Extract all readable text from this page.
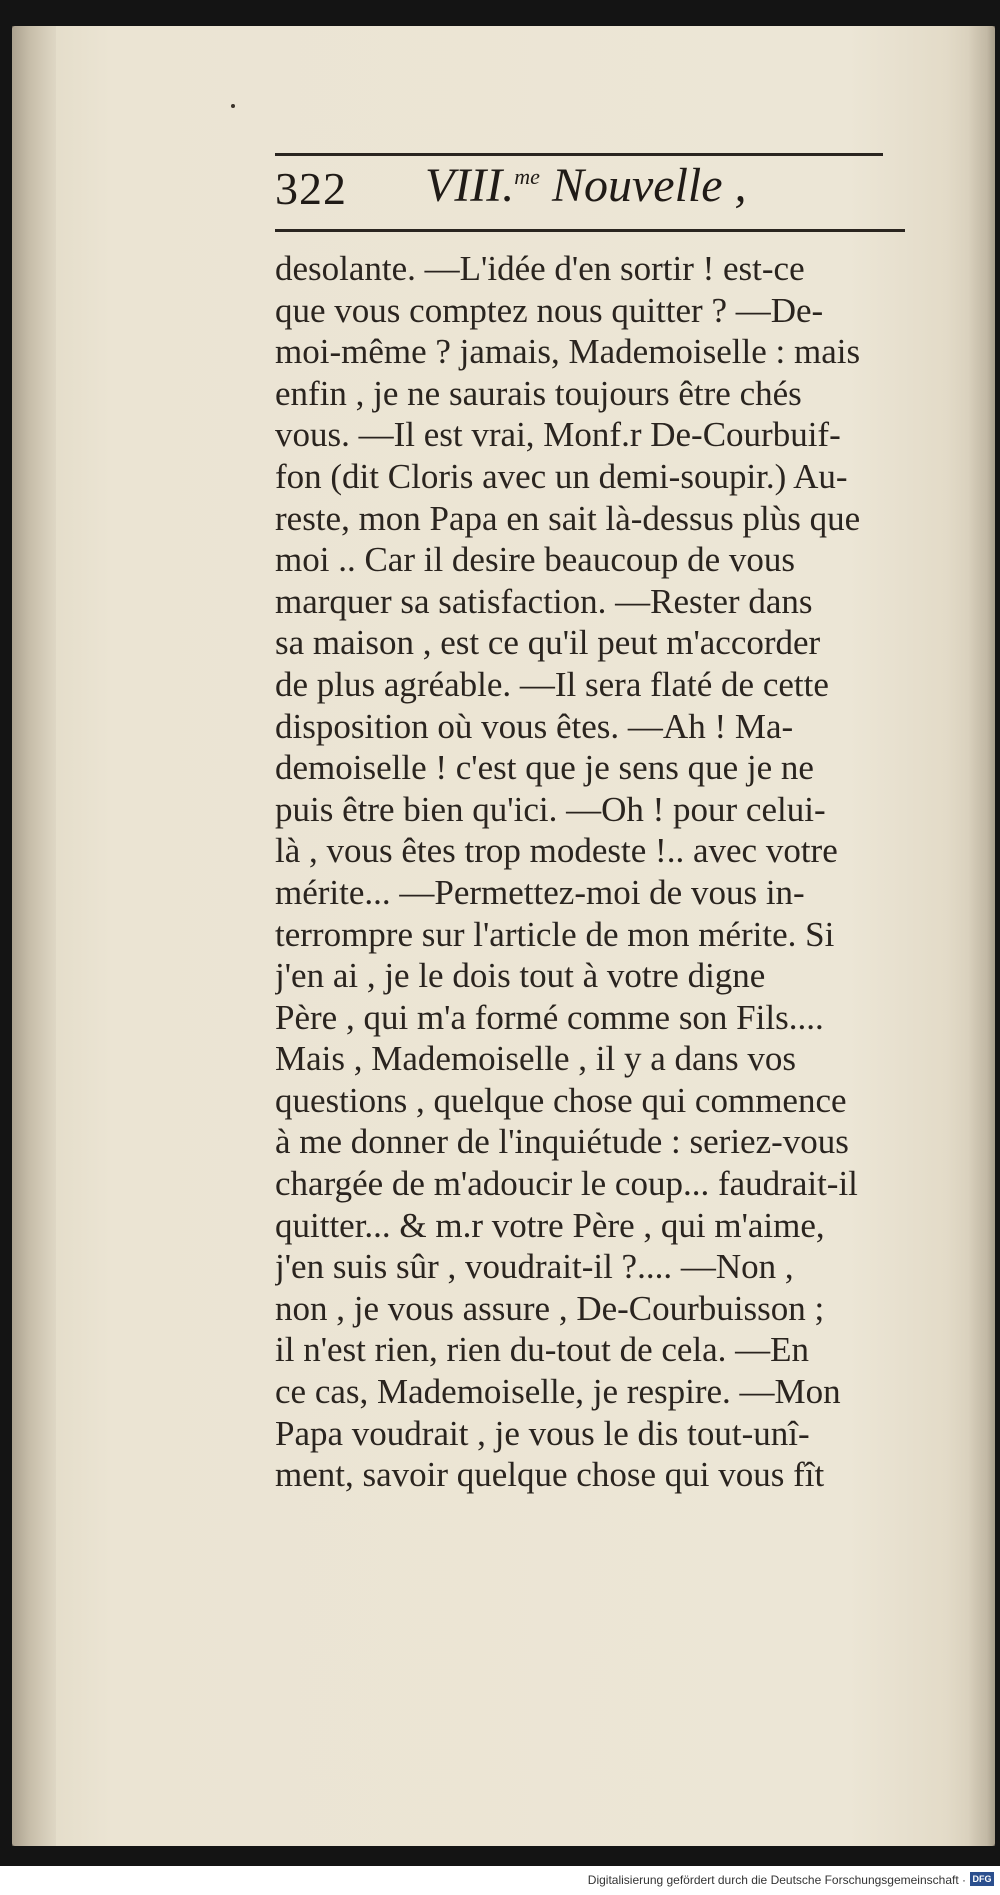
322 VIII.$^{me}$ Nouvelle ,
desolante. —L'idée d'en sortir ! est-ce
que vous comptez nous quitter ? —De-
moi-même ? jamais, Mademoiselle : mais
enfin , je ne saurais toujours être chés
vous. —Il est vrai, Monf.r De-Courbuif-
fon (dit Cloris avec un demi-soupir.) Au-
reste, mon Papa en sait là-dessus plùs que
moi .. Car il desire beaucoup de vous
marquer sa satisfaction. —Rester dans
sa maison , est ce qu'il peut m'accorder
de plus agréable. —Il sera flaté de cette
disposition où vous êtes. —Ah ! Ma-
demoiselle ! c'est que je sens que je ne
puis être bien qu'ici. —Oh ! pour celui-
là , vous êtes trop modeste !.. avec votre
mérite... —Permettez-moi de vous in-
terrompre sur l'article de mon mérite. Si
j'en ai , je le dois tout à votre digne
Père , qui m'a formé comme son Fils....
Mais , Mademoiselle , il y a dans vos
questions , quelque chose qui commence
à me donner de l'inquiétude : seriez-vous
chargée de m'adoucir le coup... faudrait-il
quitter... & m.r votre Père , qui m'aime,
j'en suis sûr , voudrait-il ?.... —Non ,
non , je vous assure , De-Courbuisson ;
il n'est rien, rien du-tout de cela. —En
ce cas, Mademoiselle, je respire. —Mon
Papa voudrait , je vous le dis tout-unî-
ment, savoir quelque chose qui vous fît
Digitalisierung gefördert durch die Deutsche Forschungsgemeinschaft · DFG
